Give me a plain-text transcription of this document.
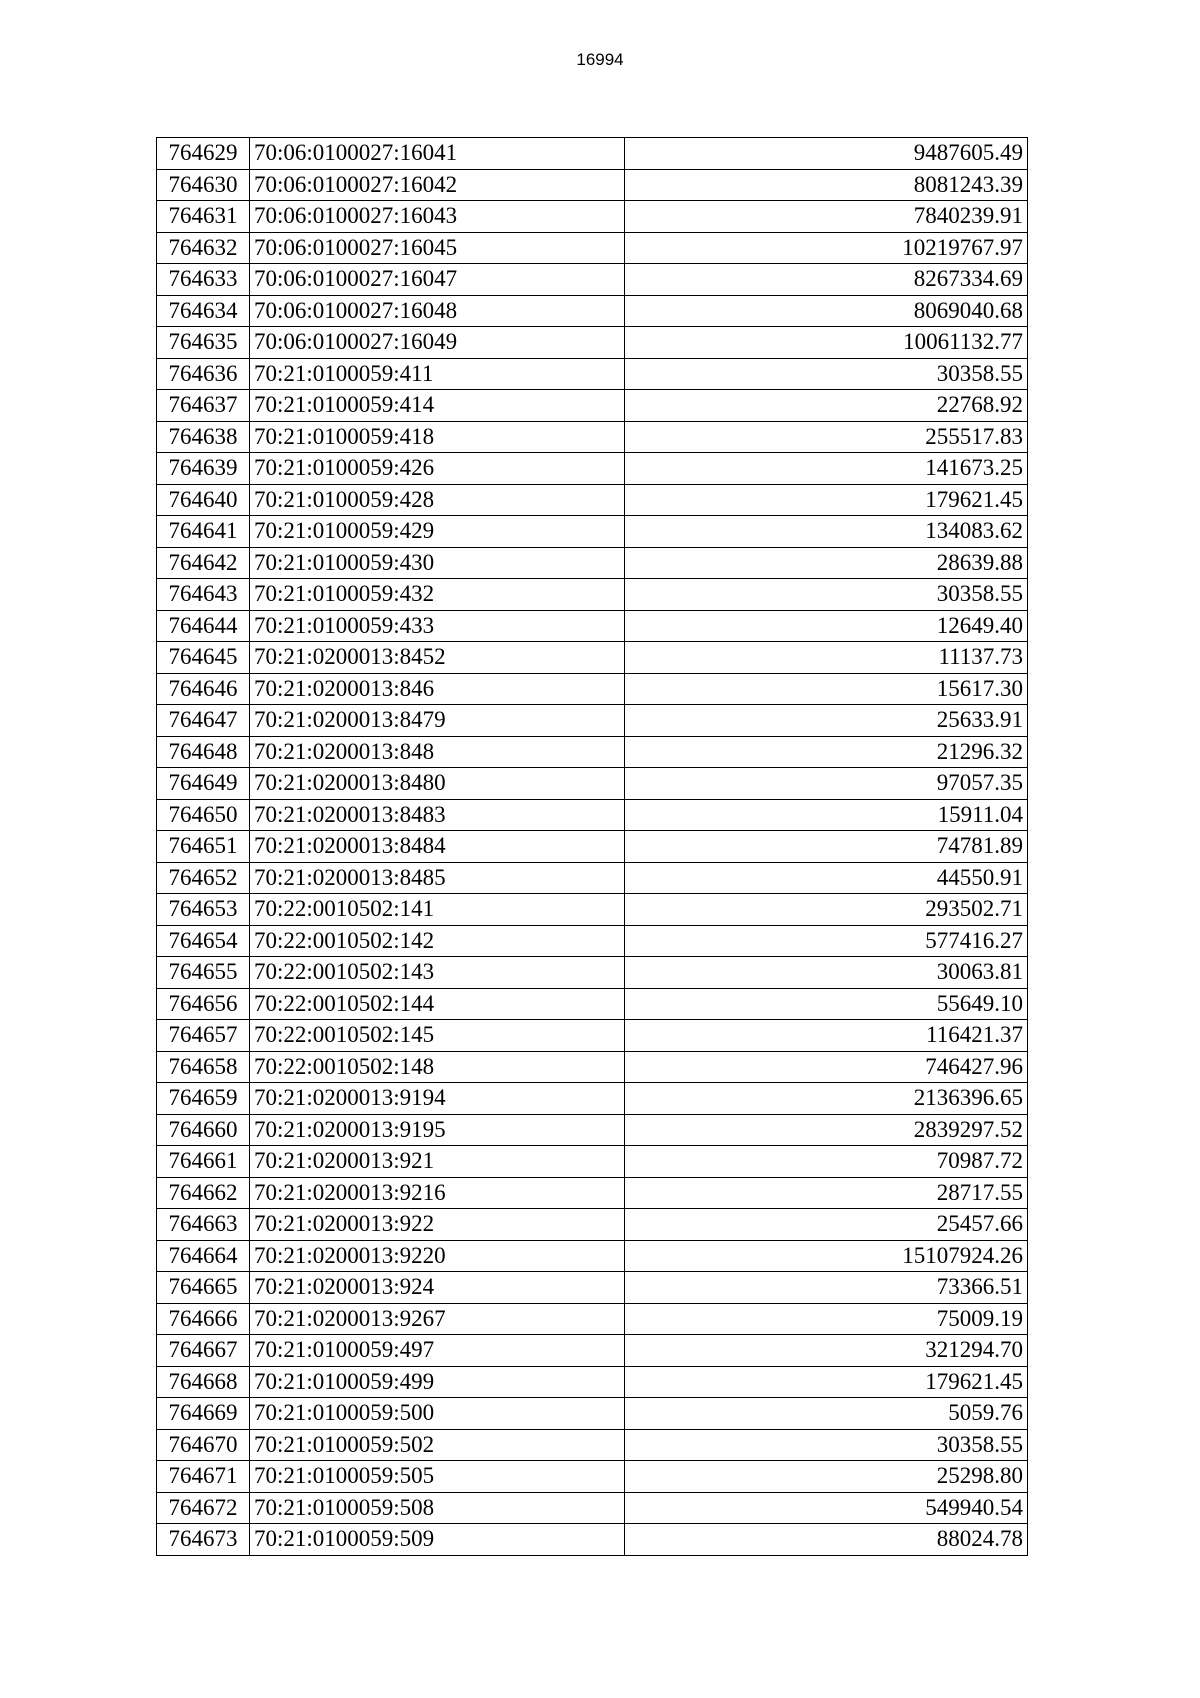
16994
764629	70:06:0100027:16041	9487605.49
764630	70:06:0100027:16042	8081243.39
764631	70:06:0100027:16043	7840239.91
764632	70:06:0100027:16045	10219767.97
764633	70:06:0100027:16047	8267334.69
764634	70:06:0100027:16048	8069040.68
764635	70:06:0100027:16049	10061132.77
764636	70:21:0100059:411	30358.55
764637	70:21:0100059:414	22768.92
764638	70:21:0100059:418	255517.83
764639	70:21:0100059:426	141673.25
764640	70:21:0100059:428	179621.45
764641	70:21:0100059:429	134083.62
764642	70:21:0100059:430	28639.88
764643	70:21:0100059:432	30358.55
764644	70:21:0100059:433	12649.40
764645	70:21:0200013:8452	11137.73
764646	70:21:0200013:846	15617.30
764647	70:21:0200013:8479	25633.91
764648	70:21:0200013:848	21296.32
764649	70:21:0200013:8480	97057.35
764650	70:21:0200013:8483	15911.04
764651	70:21:0200013:8484	74781.89
764652	70:21:0200013:8485	44550.91
764653	70:22:0010502:141	293502.71
764654	70:22:0010502:142	577416.27
764655	70:22:0010502:143	30063.81
764656	70:22:0010502:144	55649.10
764657	70:22:0010502:145	116421.37
764658	70:22:0010502:148	746427.96
764659	70:21:0200013:9194	2136396.65
764660	70:21:0200013:9195	2839297.52
764661	70:21:0200013:921	70987.72
764662	70:21:0200013:9216	28717.55
764663	70:21:0200013:922	25457.66
764664	70:21:0200013:9220	15107924.26
764665	70:21:0200013:924	73366.51
764666	70:21:0200013:9267	75009.19
764667	70:21:0100059:497	321294.70
764668	70:21:0100059:499	179621.45
764669	70:21:0100059:500	5059.76
764670	70:21:0100059:502	30358.55
764671	70:21:0100059:505	25298.80
764672	70:21:0100059:508	549940.54
764673	70:21:0100059:509	88024.78
